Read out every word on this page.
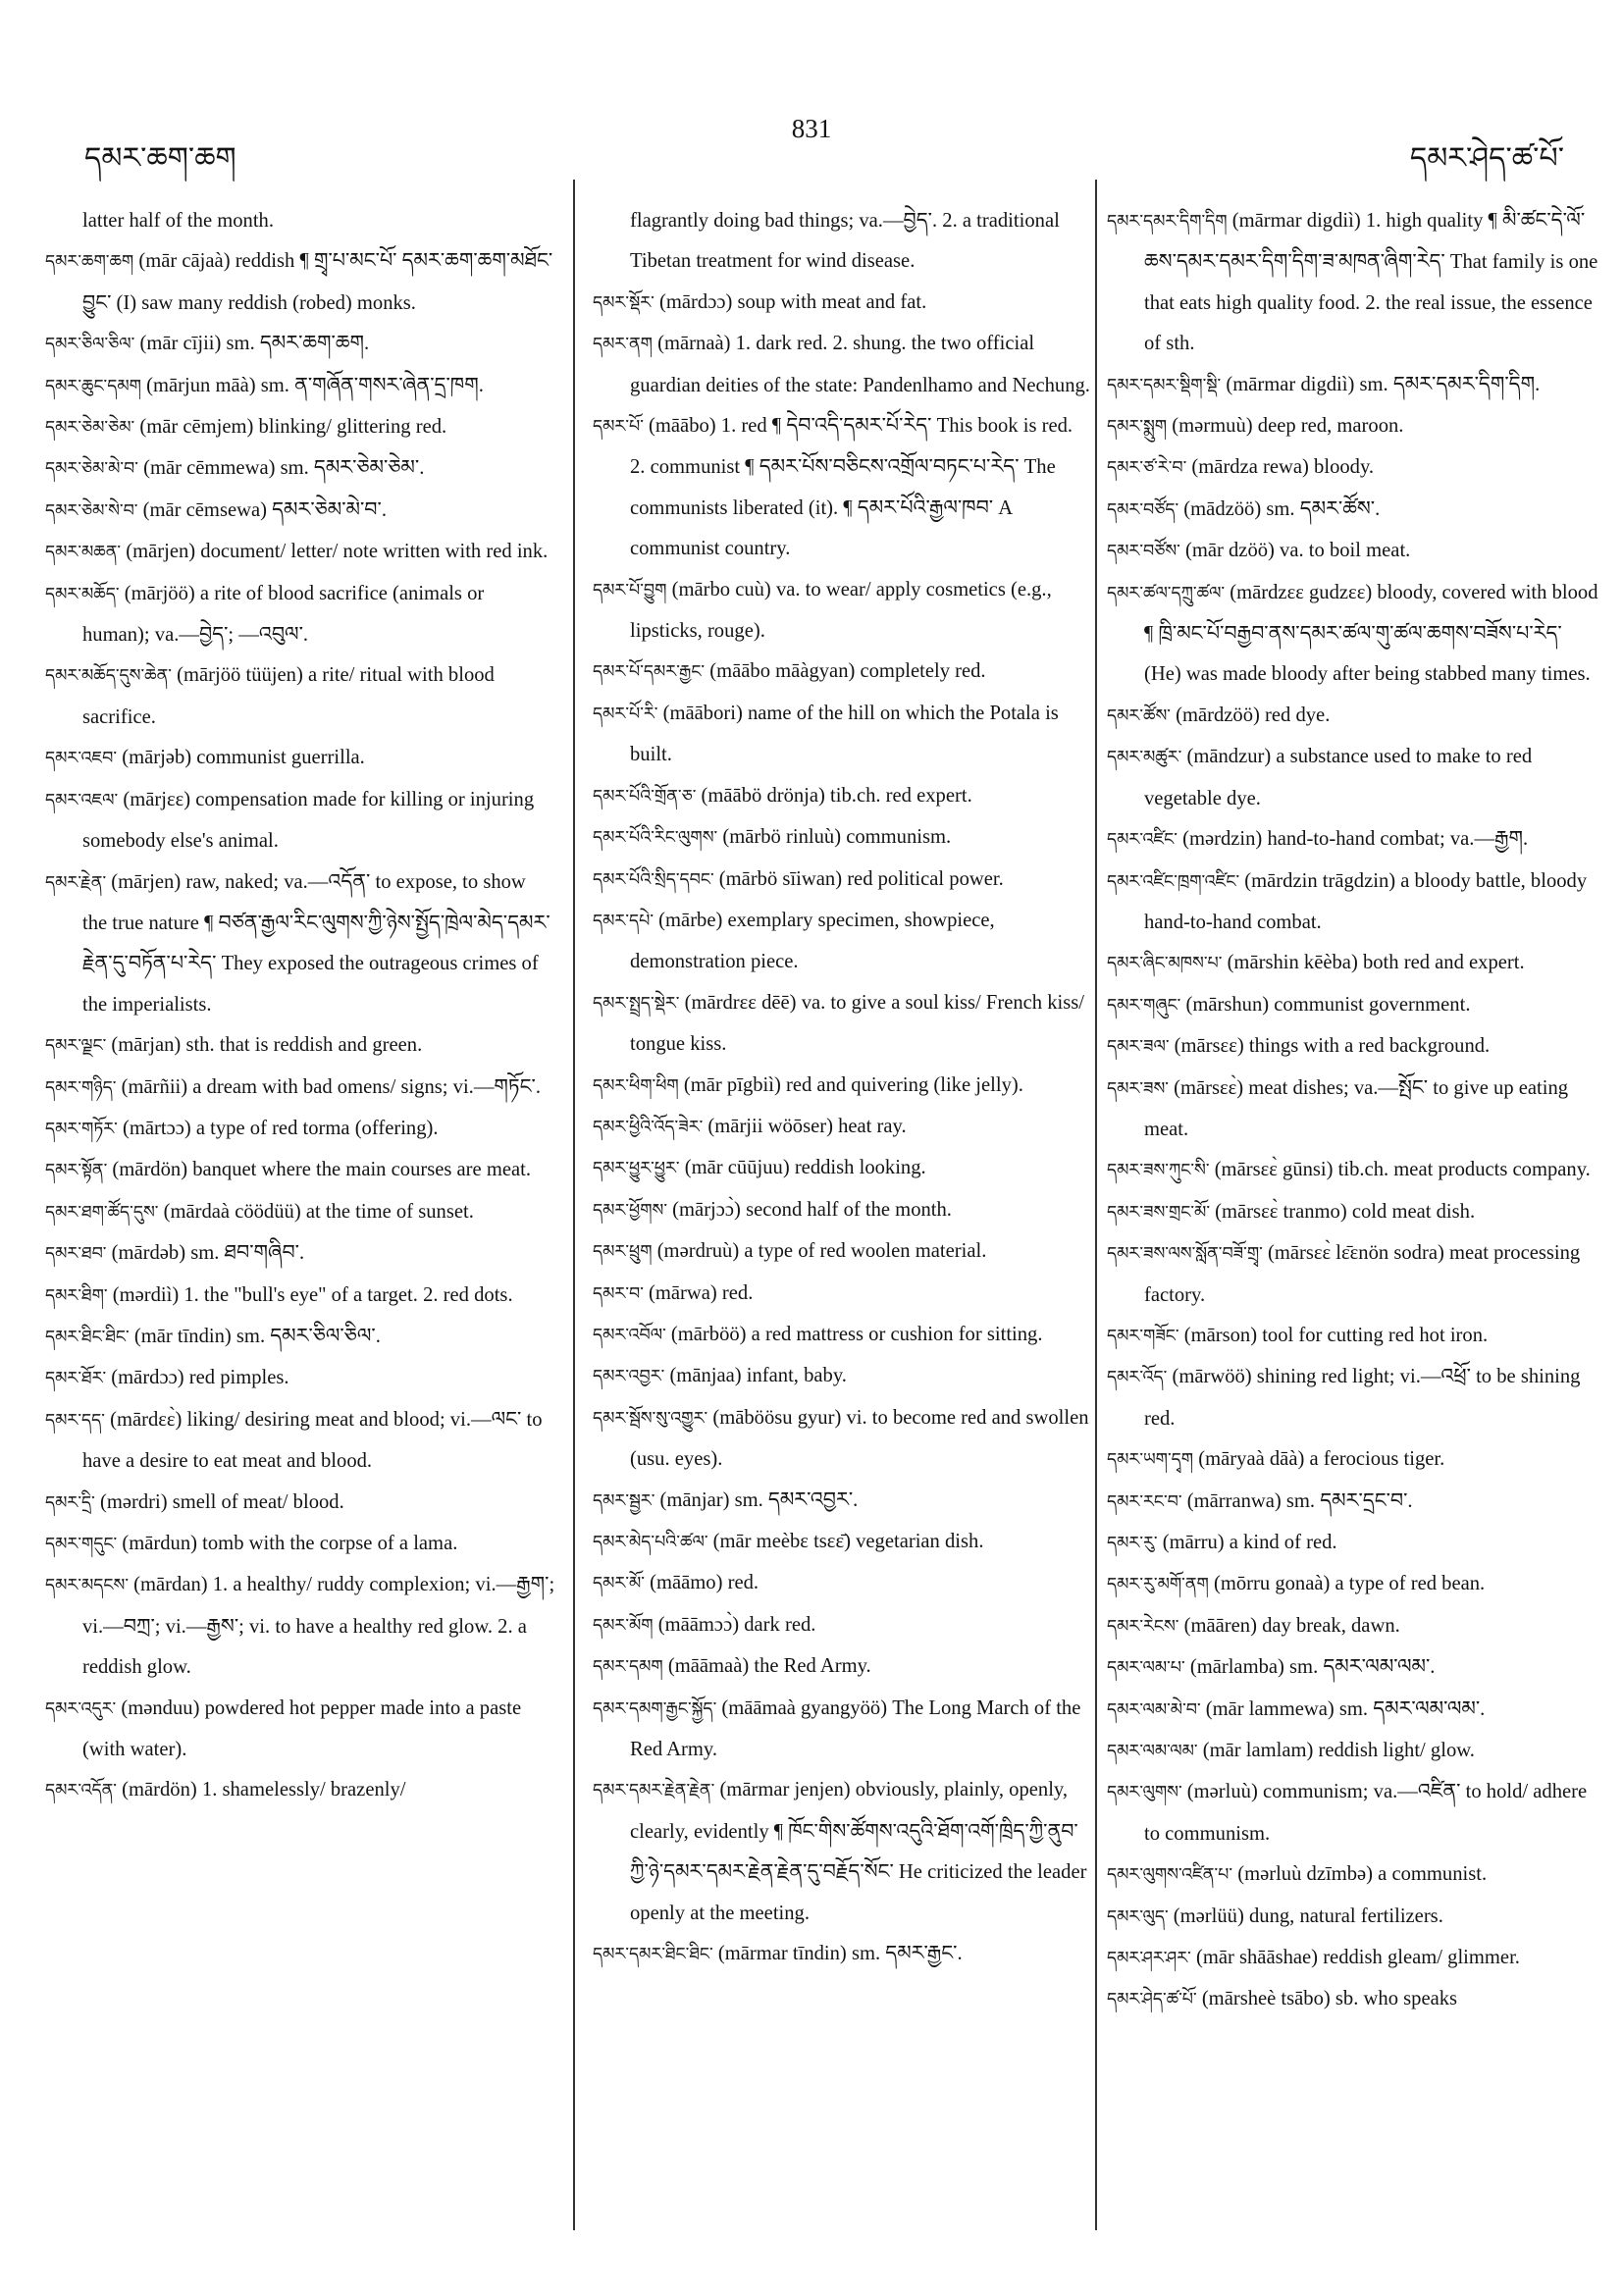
དམར་ཆག་ཆག
831
དམར་ཤེད་ཚ་པོ་

latter half of the month.

དམར་ཆག་ཆག (mār cājaà) reddish ¶ གྲྭ་པ་མང་པོ་ དམར་ཆག་ཆག་མཐོང་བྱུང་ (I) saw many reddish (robed) monks.

དམར་ཅིལ་ཅིལ་ (mār cījii) sm. དམར་ཆག་ཆག.

དམར་ཆུང་དམག (mārjun māà) sm. ན་གཞོན་གསར་ཞེན་དྲ་ཁག.

དམར་ཅེམ་ཅེམ་ (mār cēmjem) blinking/ glittering red.

དམར་ཅེམ་མེ་བ་ (mār cēmmewa) sm. དམར་ཅེམ་ཅེམ་.

དམར་ཅེམ་སེ་བ་ (mār cēmsewa) དམར་ཅེམ་མེ་བ་.

དམར་མཆན་ (mārjen) document/ letter/ note written with red ink.

དམར་མཆོད་ (mārjöö) a rite of blood sacrifice (animals or human); va.—བྱེད་; —འབུལ་.

དམར་མཆོད་དུས་ཆེན་ (mārjöö tüüjen) a rite/ ritual with blood sacrifice.

དམར་འཇབ་ (mārjəb) communist guerrilla.

དམར་འཇལ་ (mārjɛɛ) compensation made for killing or injuring somebody else's animal.

དམར་རྗེན་ (mārjen) raw, naked; va.—འདོན་ to expose, to show the true nature ¶ བཙན་རྒྱལ་རིང་ལུགས་ཀྱི་ཉེས་སྤྱོད་ཁྲེལ་མེད་དམར་རྗེན་དུ་བཏོན་པ་རེད་ They exposed the outrageous crimes of the imperialists.

དམར་ལྗང་ (mārjan) sth. that is reddish and green.

དམར་གཉིད་ (mārñii) a dream with bad omens/ signs; vi.—གཏོང་.

དམར་གཏོར་ (mārtɔɔ) a type of red torma (offering).

དམར་སྟོན་ (mārdön) banquet where the main courses are meat.

དམར་ཐག་ཚོད་དུས་ (mārdaà cöödüü) at the time of sunset.

དམར་ཐབ་ (mārdəb) sm. ཐབ་གཞིབ་.

དམར་ཐིག་ (mərdiì) 1. the "bull's eye" of a target. 2. red dots.

དམར་ཐིང་ཐིང་ (mār tīndin) sm. དམར་ཅིལ་ཅིལ་.

དམར་ཐོར་ (mārdɔɔ) red pimples.

དམར་དད་ (mārdɛɛ̀) liking/ desiring meat and blood; vi.—ལང་ to have a desire to eat meat and blood.

དམར་དྲི་ (mərdri) smell of meat/ blood.

དམར་གདུང་ (mārdun) tomb with the corpse of a lama.

དམར་མདངས་ (mārdan) 1. a healthy/ ruddy complexion; vi.—རྒྱག་; vi.—བཀྲ་; vi.—རྒྱས་; vi. to have a healthy red glow. 2. a reddish glow.

དམར་འདུར་ (mənduu) powdered hot pepper made into a paste (with water).

དམར་འདོན་ (mārdön) 1. shamelessly/ brazenly/

flagrantly doing bad things; va.—བྱེད་. 2. a traditional Tibetan treatment for wind disease.

དམར་སྡོར་ (mārdɔɔ) soup with meat and fat.

དམར་ནག (mārnaà) 1. dark red. 2. shung. the two official guardian deities of the state: Pandenlhamo and Nechung.

དམར་པོ་ (māābo) 1. red ¶ དེབ་འདི་དམར་པོ་རེད་ This book is red. 2. communist ¶ དམར་པོས་བཅིངས་འགྲོལ་བཏང་པ་རེད་ The communists liberated (it). ¶ དམར་པོའི་རྒྱལ་ཁབ་ A communist country.

དམར་པོ་བྱུག (mārbo cuù) va. to wear/ apply cosmetics (e.g., lipsticks, rouge).

དམར་པོ་དམར་རྒྱང་ (māābo māàgyan) completely red.

དམར་པོ་རི་ (māābori) name of the hill on which the Potala is built.

དམར་པོའི་གྲོན་ཅ་ (māābö drönja) tib.ch. red expert.

དམར་པོའི་རིང་ལུགས་ (mārbö rinluù) communism.

དམར་པོའི་སྲིད་དབང་ (mārbö sīiwan) red political power.

དམར་དཔེ་ (mārbe) exemplary specimen, showpiece, demonstration piece.

དམར་སྤྲད་སྡེར་ (mārdrɛɛ dēē) va. to give a soul kiss/ French kiss/ tongue kiss.

དམར་ཕིག་ཕིག (mār pīgbiì) red and quivering (like jelly).

དམར་ཕྱིའི་འོད་ཟེར་ (mārjii wöōser) heat ray.

དམར་ཕྱུར་ཕྱུར་ (mār cūūjuu) reddish looking.

དམར་ཕྱོགས་ (mārjɔɔ̀) second half of the month.

དམར་ཕྲུག (mərdruù) a type of red woolen material.

དམར་བ་ (mārwa) red.

དམར་འབོལ་ (mārböö) a red mattress or cushion for sitting.

དམར་འབྱར་ (mānjaa) infant, baby.

དམར་སྦོས་སུ་འགྱུར་ (māböösu gyur) vi. to become red and swollen (usu. eyes).

དམར་སྦྱར་ (mānjar) sm. དམར་འབྱར་.

དམར་མེད་པའི་ཚལ་ (mār meèbɛ tsɛɛ̄) vegetarian dish.

དམར་མོ་ (māāmo) red.

དམར་མོག (māāmɔɔ̀) dark red.

དམར་དམག (māāmaà) the Red Army.

དམར་དམག་རྒྱང་སྐྱོད་ (māāmaà gyangyöö) The Long March of the Red Army.

དམར་དམར་རྗེན་རྗེན་ (mārmar jenjen) obviously, plainly, openly, clearly, evidently ¶ ཁོང་གིས་ཚོགས་འདུའི་ཐོག་འགོ་ཁྲིད་ཀྱི་ནུབ་ཀྱི་ཉེ་དམར་དམར་རྗེན་རྗེན་དུ་བརྗོད་སོང་ He criticized the leader openly at the meeting.

དམར་དམར་ཐིང་ཐིང་ (mārmar tīndin) sm. དམར་རྒྱང་.

དམར་དམར་དིག་དིག (mārmar digdiì) 1. high quality ¶ མི་ཚང་དེ་ལོ་ཆས་དམར་དམར་དིག་དིག་ཟ་མཁན་ཞིག་རེད་ That family is one that eats high quality food. 2. the real issue, the essence of sth.

དམར་དམར་སྡིག་སྡི་ (mārmar digdiì) sm. དམར་དམར་དིག་དིག.

དམར་སྨུག (mərmuù) deep red, maroon.

དམར་ཙ་རེ་བ་ (mārdza rewa) bloody.

དམར་བཙོད་ (mādzöö) sm. དམར་ཚོས་.

དམར་བཙོས་ (mār dzöö) va. to boil meat.

དམར་ཚལ་དཀྲུ་ཚལ་ (mārdzɛɛ gudzɛɛ) bloody, covered with blood ¶ ཁྲི་མང་པོ་བརྒྱབ་ནས་དམར་ཚལ་གུ་ཚལ་ཆགས་བཟོས་པ་རེད་ (He) was made bloody after being stabbed many times.

དམར་ཚོས་ (mārdzöö) red dye.

དམར་མཚུར་ (māndzur) a substance used to make to red vegetable dye.

དམར་འཛིང་ (mərdzin) hand-to-hand combat; va.—རྒྱག.

དམར་འཛིང་ཁྲག་འཛིང་ (mārdzin trāgdzin) a bloody battle, bloody hand-to-hand combat.

དམར་ཞིང་མཁས་པ་ (mārshin kēèba) both red and expert.

དམར་གཞུང་ (mārshun) communist government.

དམར་ཟལ་ (mārsɛɛ) things with a red background.

དམར་ཟས་ (mārsɛɛ̀) meat dishes; va.—སྤོང་ to give up eating meat.

དམར་ཟས་ཀུང་སི་ (mārsɛɛ̀ gūnsi) tib.ch. meat products company.

དམར་ཟས་གྲང་མོ་ (mārsɛɛ̀ tranmo) cold meat dish.

དམར་ཟས་ལས་སློན་བཟོ་གྲྭ་ (mārsɛɛ̀ lɛ̄ɛnön sodra) meat processing factory.

དམར་གཟོང་ (mārson) tool for cutting red hot iron.

དམར་འོད་ (mārwöö) shining red light; vi.—འཕྲོ་ to be shining red.

དམར་ཡག་དྭག (māryaà dāà) a ferocious tiger.

དམར་རང་བ་ (mārranwa) sm. དམར་དྲང་བ་.

དམར་རུ་ (mārru) a kind of red.

དམར་རུ་མགོ་ནག (mōrru gonaà) a type of red bean.

དམར་རེངས་ (māāren) day break, dawn.

དམར་ལམ་པ་ (mārlamba) sm. དམར་ལམ་ལམ་.

དམར་ལམ་མེ་བ་ (mār lammewa) sm. དམར་ལམ་ལམ་.

དམར་ལམ་ལམ་ (mār lamlam) reddish light/ glow.

དམར་ལུགས་ (mərluù) communism; va.—འཛིན་ to hold/ adhere to communism.

དམར་ལུགས་འཛིན་པ་ (mərluù dzīmbə) a communist.

དམར་ལུད་ (mərlüü) dung, natural fertilizers.

དམར་ཤར་ཤར་ (mār shāāshae) reddish gleam/ glimmer.

དམར་ཤེད་ཚ་པོ་ (mārsheè tsābo) sb. who speaks
